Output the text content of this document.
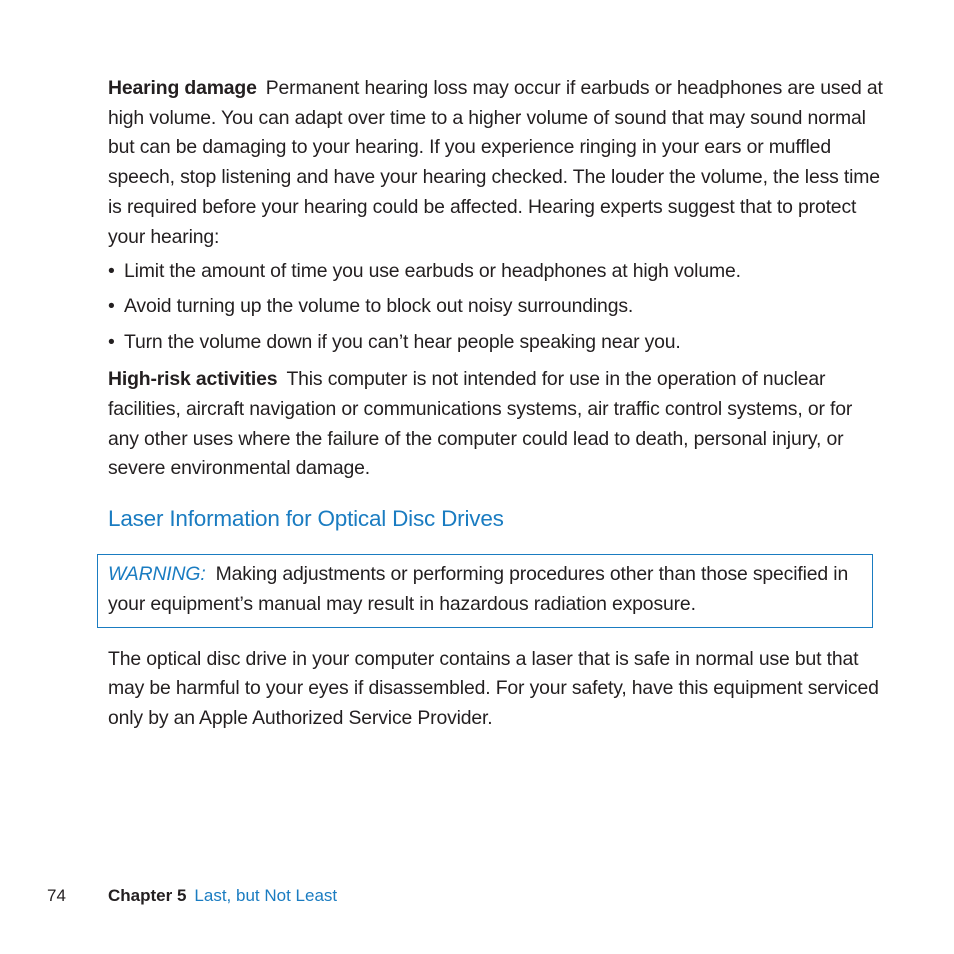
Hearing damage Permanent hearing loss may occur if earbuds or headphones are used at high volume. You can adapt over time to a higher volume of sound that may sound normal but can be damaging to your hearing. If you experience ringing in your ears or muffled speech, stop listening and have your hearing checked. The louder the volume, the less time is required before your hearing could be affected. Hearing experts suggest that to protect your hearing:

• Limit the amount of time you use earbuds or headphones at high volume.
• Avoid turning up the volume to block out noisy surroundings.
• Turn the volume down if you can’t hear people speaking near you.

High-risk activities This computer is not intended for use in the operation of nuclear facilities, aircraft navigation or communications systems, air traffic control systems, or for any other uses where the failure of the computer could lead to death, personal injury, or severe environmental damage.

Laser Information for Optical Disc Drives
WARNING: Making adjustments or performing procedures other than those specified in your equipment’s manual may result in hazardous radiation exposure.

The optical disc drive in your computer contains a laser that is safe in normal use but that may be harmful to your eyes if disassembled. For your safety, have this equipment serviced only by an Apple Authorized Service Provider.

74 Chapter 5 Last, but Not Least
